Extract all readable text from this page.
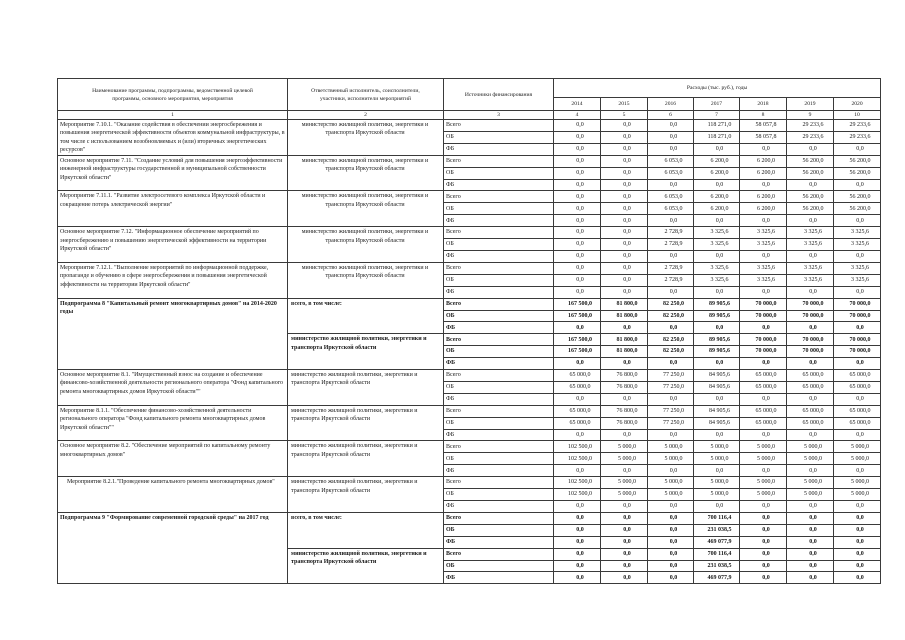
Наименование программы, подпрограммы, ведомственной целевой программы, основного мероприятия, мероприятия	Ответственный исполнитель, соисполнители, участники, исполнители мероприятий	Источники финансирования	Расходы (тыс. руб.), годы						
			2014	2015	2016	2017	2018	2019	2020
1	2	3	4	5	6	7	8	9	10

Мероприятие 7.10.1. "Оказание содействия в обеспечении энергосбережения и повышения энергетической эффективности объектов коммунальной инфраструктуры, в том числе с использованием возобновляемых и (или) вторичных энергетических ресурсов"	министерство жилищной политики, энергетики и транспорта Иркутской области	Всего	0,0	0,0	0,0	118 271,0	58 057,8	29 233,6	29 233,6
		ОБ	0,0	0,0	0,0	118 271,0	58 057,8	29 233,6	29 233,6
		ФБ	0,0	0,0	0,0	0,0	0,0	0,0	0,0

Основное мероприятие 7.11. "Создание условий для повышения энергоэффективности инженерной инфраструктуры государственной и муниципальной собственности Иркутской области"	министерство жилищной политики, энергетики и транспорта Иркутской области	Всего	0,0	0,0	6 053,0	6 200,0	6 200,0	56 200,0	56 200,0
		ОБ	0,0	0,0	6 053,0	6 200,0	6 200,0	56 200,0	56 200,0
		ФБ	0,0	0,0	0,0	0,0	0,0	0,0	0,0

Мероприятие 7.11.1. "Развитие электросетевого комплекса Иркутской области и сокращение потерь электрической энергии"	министерство жилищной политики, энергетики и транспорта Иркутской области	Всего	0,0	0,0	6 053,0	6 200,0	6 200,0	56 200,0	56 200,0
		ОБ	0,0	0,0	6 053,0	6 200,0	6 200,0	56 200,0	56 200,0
		ФБ	0,0	0,0	0,0	0,0	0,0	0,0	0,0

Основное мероприятие 7.12. "Информационное обеспечение мероприятий по энергосбережению и повышению энергетической эффективности на территории Иркутской области"	министерство жилищной политики, энергетики и транспорта Иркутской области	Всего	0,0	0,0	2 728,9	3 325,6	3 325,6	3 325,6	3 325,6
		ОБ	0,0	0,0	2 728,9	3 325,6	3 325,6	3 325,6	3 325,6
		ФБ	0,0	0,0	0,0	0,0	0,0	0,0	0,0

Мероприятие 7.12.1. "Выполнение мероприятий по информационной поддержке, пропаганде и обучению в сфере энергосбережения и повышения энергетической эффективности на территории Иркутской области"	министерство жилищной политики, энергетики и транспорта Иркутской области	Всего	0,0	0,0	2 728,9	3 325,6	3 325,6	3 325,6	3 325,6
		ОБ	0,0	0,0	2 728,9	3 325,6	3 325,6	3 325,6	3 325,6
		ФБ	0,0	0,0	0,0	0,0	0,0	0,0	0,0

Подпрограмма 8 "Капитальный ремонт многоквартирных домов" на 2014-2020 годы	всего, в том числе:	Всего	167 500,0	81 800,0	82 250,0	89 905,6	70 000,0	70 000,0	70 000,0
		ОБ	167 500,0	81 800,0	82 250,0	89 905,6	70 000,0	70 000,0	70 000,0
		ФБ	0,0	0,0	0,0	0,0	0,0	0,0	0,0

	министерство жилищной политики, энергетики и транспорта Иркутской области	Всего	167 500,0	81 800,0	82 250,0	89 905,6	70 000,0	70 000,0	70 000,0
		ОБ	167 500,0	81 800,0	82 250,0	89 905,6	70 000,0	70 000,0	70 000,0
		ФБ	0,0	0,0	0,0	0,0	0,0	0,0	0,0

Основное мероприятие 8.1. "Имущественный взнос на создание и обеспечение финансово-хозяйственной деятельности регионального оператора "Фонд капитального ремонта многоквартирных домов Иркутской области""	министерство жилищной политики, энергетики и транспорта Иркутской области	Всего	65 000,0	76 800,0	77 250,0	84 905,6	65 000,0	65 000,0	65 000,0
		ОБ	65 000,0	76 800,0	77 250,0	84 905,6	65 000,0	65 000,0	65 000,0
		ФБ	0,0	0,0	0,0	0,0	0,0	0,0	0,0

Мероприятие 8.1.1. "Обеспечение финансово-хозяйственной деятельности регионального оператора "Фонд капитального ремонта многоквартирных домов Иркутской области""	министерство жилищной политики, энергетики и транспорта Иркутской области	Всего	65 000,0	76 800,0	77 250,0	84 905,6	65 000,0	65 000,0	65 000,0
		ОБ	65 000,0	76 800,0	77 250,0	84 905,6	65 000,0	65 000,0	65 000,0
		ФБ	0,0	0,0	0,0	0,0	0,0	0,0	0,0

Основное мероприятие 8.2. "Обеспечение мероприятий по капитальному ремонту многоквартирных домов"	министерство жилищной политики, энергетики и транспорта Иркутской области	Всего	102 500,0	5 000,0	5 000,0	5 000,0	5 000,0	5 000,0	5 000,0
		ОБ	102 500,0	5 000,0	5 000,0	5 000,0	5 000,0	5 000,0	5 000,0
		ФБ	0,0	0,0	0,0	0,0	0,0	0,0	0,0

Мероприятие 8.2.1."Проведение капитального ремонта многоквартирных домов"	министерство жилищной политики, энергетики и транспорта Иркутской области	Всего	102 500,0	5 000,0	5 000,0	5 000,0	5 000,0	5 000,0	5 000,0
		ОБ	102 500,0	5 000,0	5 000,0	5 000,0	5 000,0	5 000,0	5 000,0
		ФБ	0,0	0,0	0,0	0,0	0,0	0,0	0,0

Подпрограмма 9 "Формирование современной городской среды" на 2017 год	всего, в том числе:	Всего	0,0	0,0	0,0	700 116,4	0,0	0,0	0,0
		ОБ	0,0	0,0	0,0	231 038,5	0,0	0,0	0,0
		ФБ	0,0	0,0	0,0	469 077,9	0,0	0,0	0,0

	министерство жилищной политики, энергетики и транспорта Иркутской области	Всего	0,0	0,0	0,0	700 116,4	0,0	0,0	0,0
		ОБ	0,0	0,0	0,0	231 038,5	0,0	0,0	0,0
		ФБ	0,0	0,0	0,0	469 077,9	0,0	0,0	0,0
